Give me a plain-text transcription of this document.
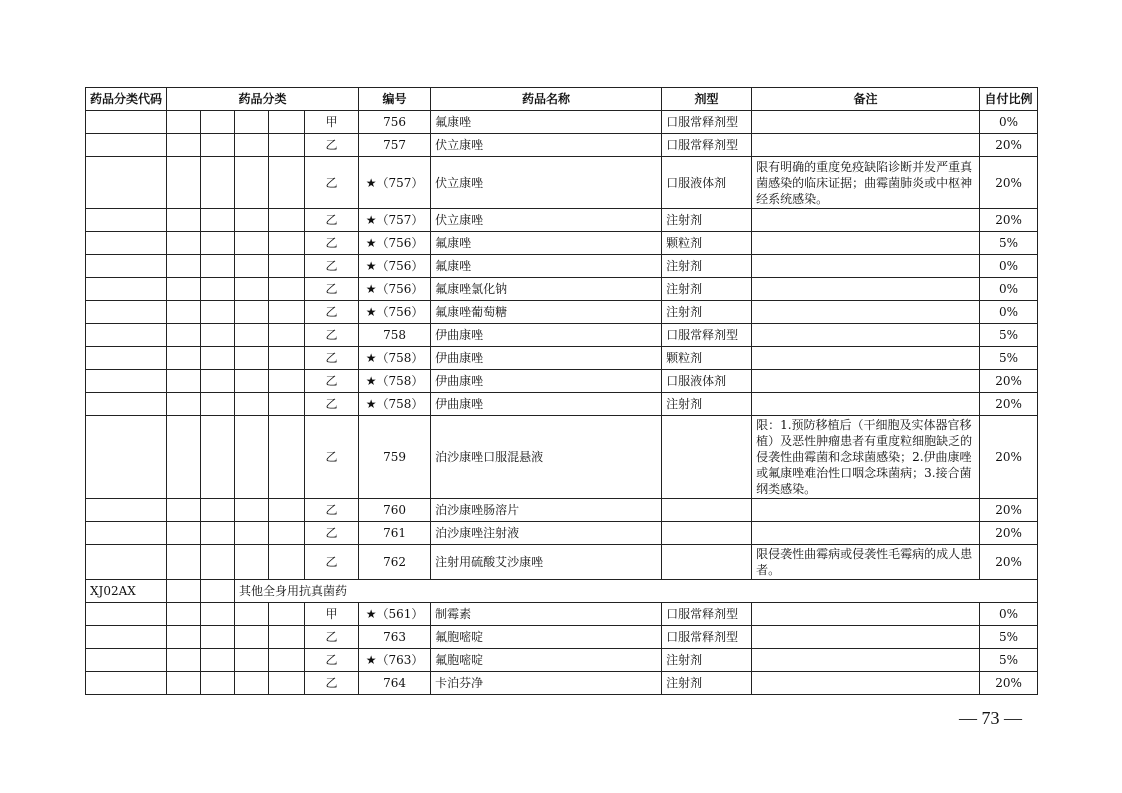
药品分类代码	药品分类					编号	药品名称	剂型	备注	自付比例
					甲	756	氟康唑	口服常释剂型		0%
					乙	757	伏立康唑	口服常释剂型		20%
					乙	★（757）	伏立康唑	口服液体剂	限有明确的重度免疫缺陷诊断并发严重真菌感染的临床证据；曲霉菌肺炎或中枢神经系统感染。	20%
					乙	★（757）	伏立康唑	注射剂		20%
					乙	★（756）	氟康唑	颗粒剂		5%
					乙	★（756）	氟康唑	注射剂		0%
					乙	★（756）	氟康唑氯化钠	注射剂		0%
					乙	★（756）	氟康唑葡萄糖	注射剂		0%
					乙	758	伊曲康唑	口服常释剂型		5%
					乙	★（758）	伊曲康唑	颗粒剂		5%
					乙	★（758）	伊曲康唑	口服液体剂		20%
					乙	★（758）	伊曲康唑	注射剂		20%
					乙	759	泊沙康唑口服混悬液		限：1.预防移植后（干细胞及实体器官移植）及恶性肿瘤患者有重度粒细胞缺乏的侵袭性曲霉菌和念球菌感染；2.伊曲康唑或氟康唑难治性口咽念珠菌病；3.接合菌纲类感染。	20%
					乙	760	泊沙康唑肠溶片			20%
					乙	761	泊沙康唑注射液			20%
					乙	762	注射用硫酸艾沙康唑		限侵袭性曲霉病或侵袭性毛霉病的成人患者。	20%
XJ02AX			其他全身用抗真菌药							
					甲	★（561）	制霉素	口服常释剂型		0%
					乙	763	氟胞嘧啶	口服常释剂型		5%
					乙	★（763）	氟胞嘧啶	注射剂		5%
					乙	764	卡泊芬净	注射剂		20%
— 73 —
